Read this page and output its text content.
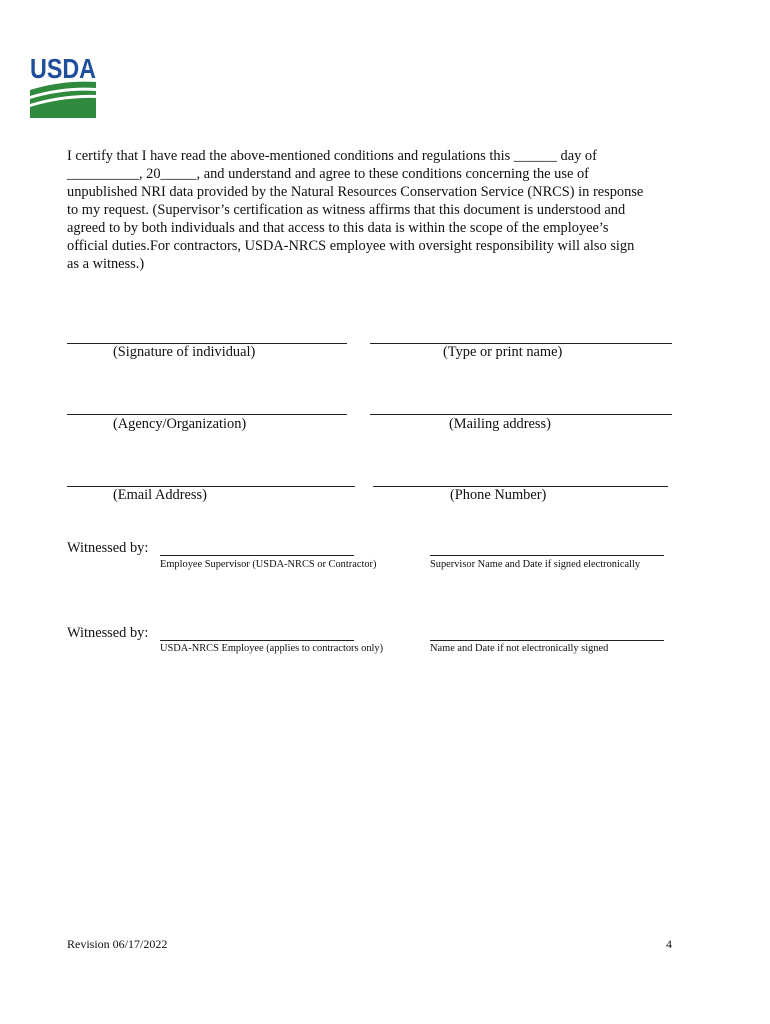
USDA

I certify that I have read the above-mentioned conditions and regulations this ______ day of
__________, 20_____, and understand and agree to these conditions concerning the use of
unpublished NRI data provided by the Natural Resources Conservation Service (NRCS) in response
to my request. (Supervisor’s certification as witness affirms that this document is understood and
agreed to by both individuals and that access to this data is within the scope of the employee’s
official duties.For contractors, USDA-NRCS employee with oversight responsibility will also sign
as a witness.)

(Signature of individual)	(Type or print name)
(Agency/Organization)	(Mailing address)
(Email Address)	(Phone Number)
Witnessed by:
Employee Supervisor (USDA-NRCS or Contractor)	Supervisor Name and Date if signed electronically
Witnessed by:
USDA-NRCS Employee (applies to contractors only)	Name and Date if not electronically signed
Revision 06/17/2022	4
